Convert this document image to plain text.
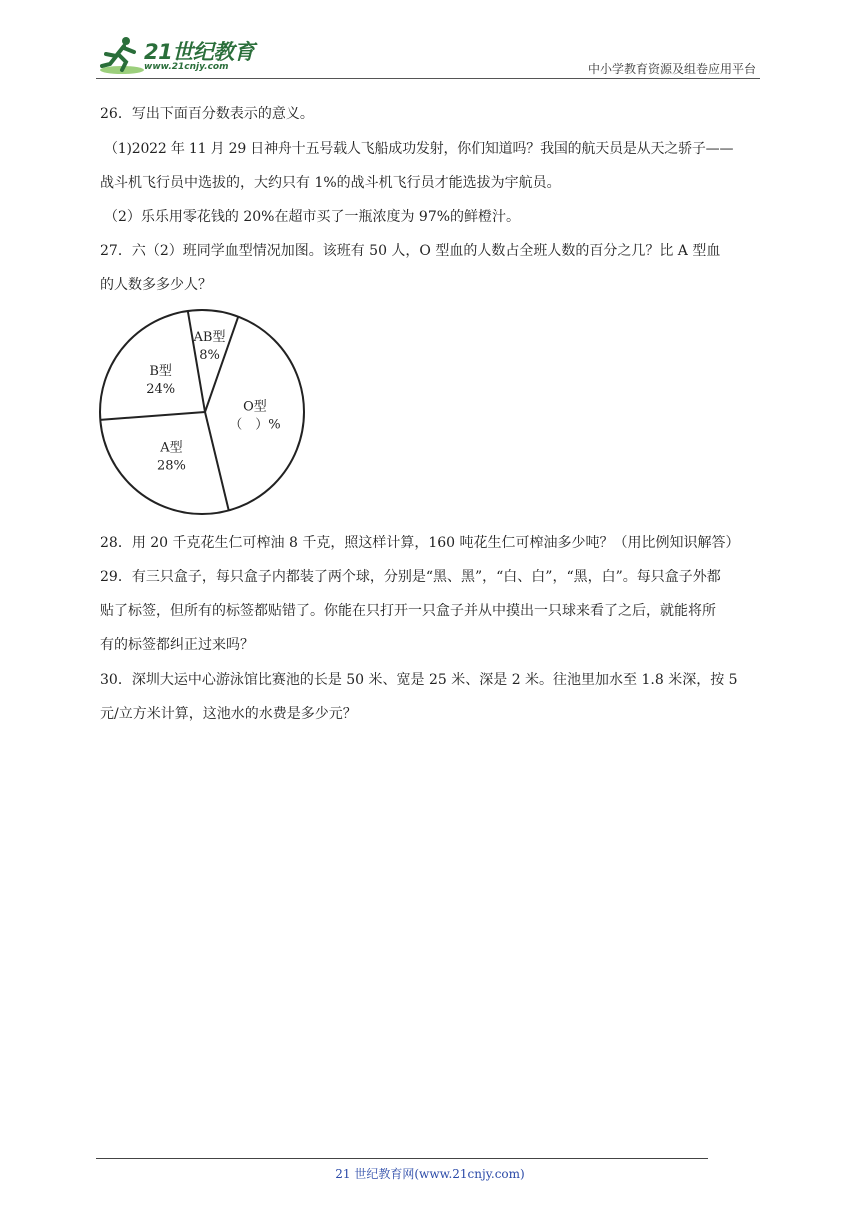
21世纪教育
www.21cnjy.com	中小学教育资源及组卷应用平台
26．写出下面百分数表示的意义。
（1)2022 年 11 月 29 日神舟十五号载人飞船成功发射，你们知道吗？我国的航天员是从天之骄子——
战斗机飞行员中选拔的，大约只有 1%的战斗机飞行员才能选拔为宇航员。
（2）乐乐用零花钱的 20%在超市买了一瓶浓度为 97%的鲜橙汁。
27．六（2）班同学血型情况加图。该班有 50 人，O 型血的人数占全班人数的百分之几？比 A 型血
的人数多多少人？
AB型
8%
O型
（　）%
A型
28%
B型
24%
28．用 20 千克花生仁可榨油 8 千克，照这样计算，160 吨花生仁可榨油多少吨？（用比例知识解答）
29．有三只盒子，每只盒子内都装了两个球，分别是“黑、黑”，“白、白”，“黑，白”。每只盒子外都
贴了标签，但所有的标签都贴错了。你能在只打开一只盒子并从中摸出一只球来看了之后，就能将所
有的标签都纠正过来吗？
30．深圳大运中心游泳馆比赛池的长是 50 米、宽是 25 米、深是 2 米。往池里加水至 1.8 米深，按 5
元/立方米计算，这池水的水费是多少元？
21 世纪教育网(www.21cnjy.com)
